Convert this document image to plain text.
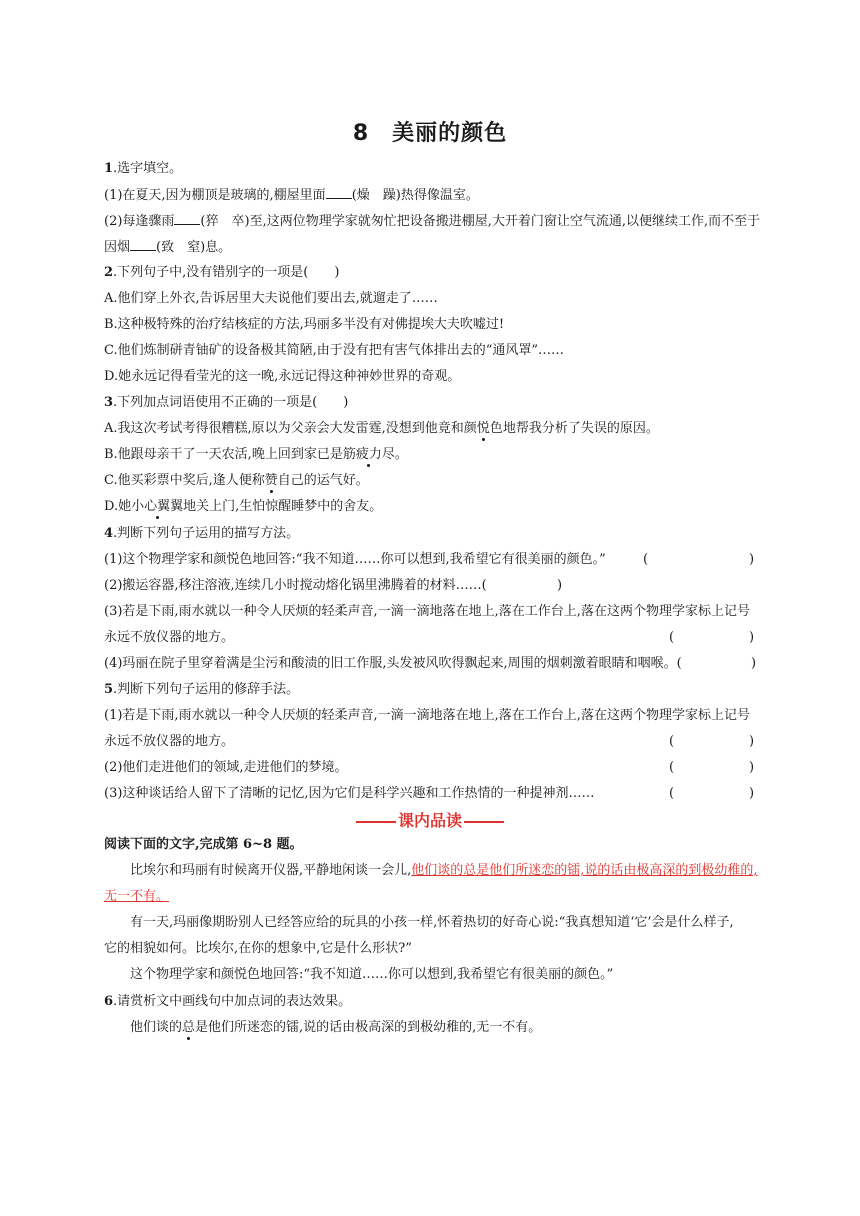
8　美丽的颜色
1.选字填空。
(1)在夏天,因为棚顶是玻璃的,棚屋里面 (燥　躁)热得像温室。
(2)每逢骤雨 (猝　卒)至,这两位物理学家就匆忙把设备搬进棚屋,大开着门窗让空气流通,以便继续工作,而不至于
因烟 (致　窒)息。
2.下列句子中,没有错别字的一项是(　　)
A.他们穿上外衣,告诉居里大夫说他们要出去,就遛走了……
B.这种极特殊的治疗结核症的方法,玛丽多半没有对佛提埃大夫吹嘘过!
C.他们炼制硑青铀矿的设备极其简陋,由于没有把有害气体排出去的“通风罩”……
D.她永远记得看莹光的这一晚,永远记得这种神妙世界的奇观。
3.下列加点词语使用不正确的一项是(　　)
A.我这次考试考得很糟糕,原以为父亲会大发雷霆,没想到他竟和颜悦色地帮我分析了失误的原因。
B.他跟母亲干了一天农活,晚上回到家已是筋疲力尽。
C.他买彩票中奖后,逢人便称赞自己的运气好。
D.她小心翼翼地关上门,生怕惊醒睡梦中的舍友。
4.判断下列句子运用的描写方法。
(1)这个物理学家和颜悦色地回答:“我不知道……你可以想到,我希望它有很美丽的颜色。”	(	)
(2)搬运容器,移注溶液,连续几小时搅动熔化锅里沸腾着的材料……(	)
(3)若是下雨,雨水就以一种令人厌烦的轻柔声音,一滴一滴地落在地上,落在工作台上,落在这两个物理学家标上记号
永远不放仪器的地方。	(	)
(4)玛丽在院子里穿着满是尘污和酸渍的旧工作服,头发被风吹得飘起来,周围的烟刺激着眼睛和咽喉。(	)
5.判断下列句子运用的修辞手法。
(1)若是下雨,雨水就以一种令人厌烦的轻柔声音,一滴一滴地落在地上,落在工作台上,落在这两个物理学家标上记号
永远不放仪器的地方。	(	)
(2)他们走进他们的领域,走进他们的梦境。	(	)
(3)这种谈话给人留下了清晰的记忆,因为它们是科学兴趣和工作热情的一种提神剂……	(	)
课内品读
阅读下面的文字,完成第 6~8 题。
比埃尔和玛丽有时候离开仪器,平静地闲谈一会儿,他们谈的总是他们所迷恋的镭,说的话由极高深的到极幼稚的,
无一不有。
有一天,玛丽像期盼别人已经答应给的玩具的小孩一样,怀着热切的好奇心说:“我真想知道‘它’会是什么样子,
它的相貌如何。比埃尔,在你的想象中,它是什么形状?”
这个物理学家和颜悦色地回答:“我不知道……你可以想到,我希望它有很美丽的颜色。”
6.请赏析文中画线句中加点词的表达效果。
他们谈的总是他们所迷恋的镭,说的话由极高深的到极幼稚的,无一不有。
